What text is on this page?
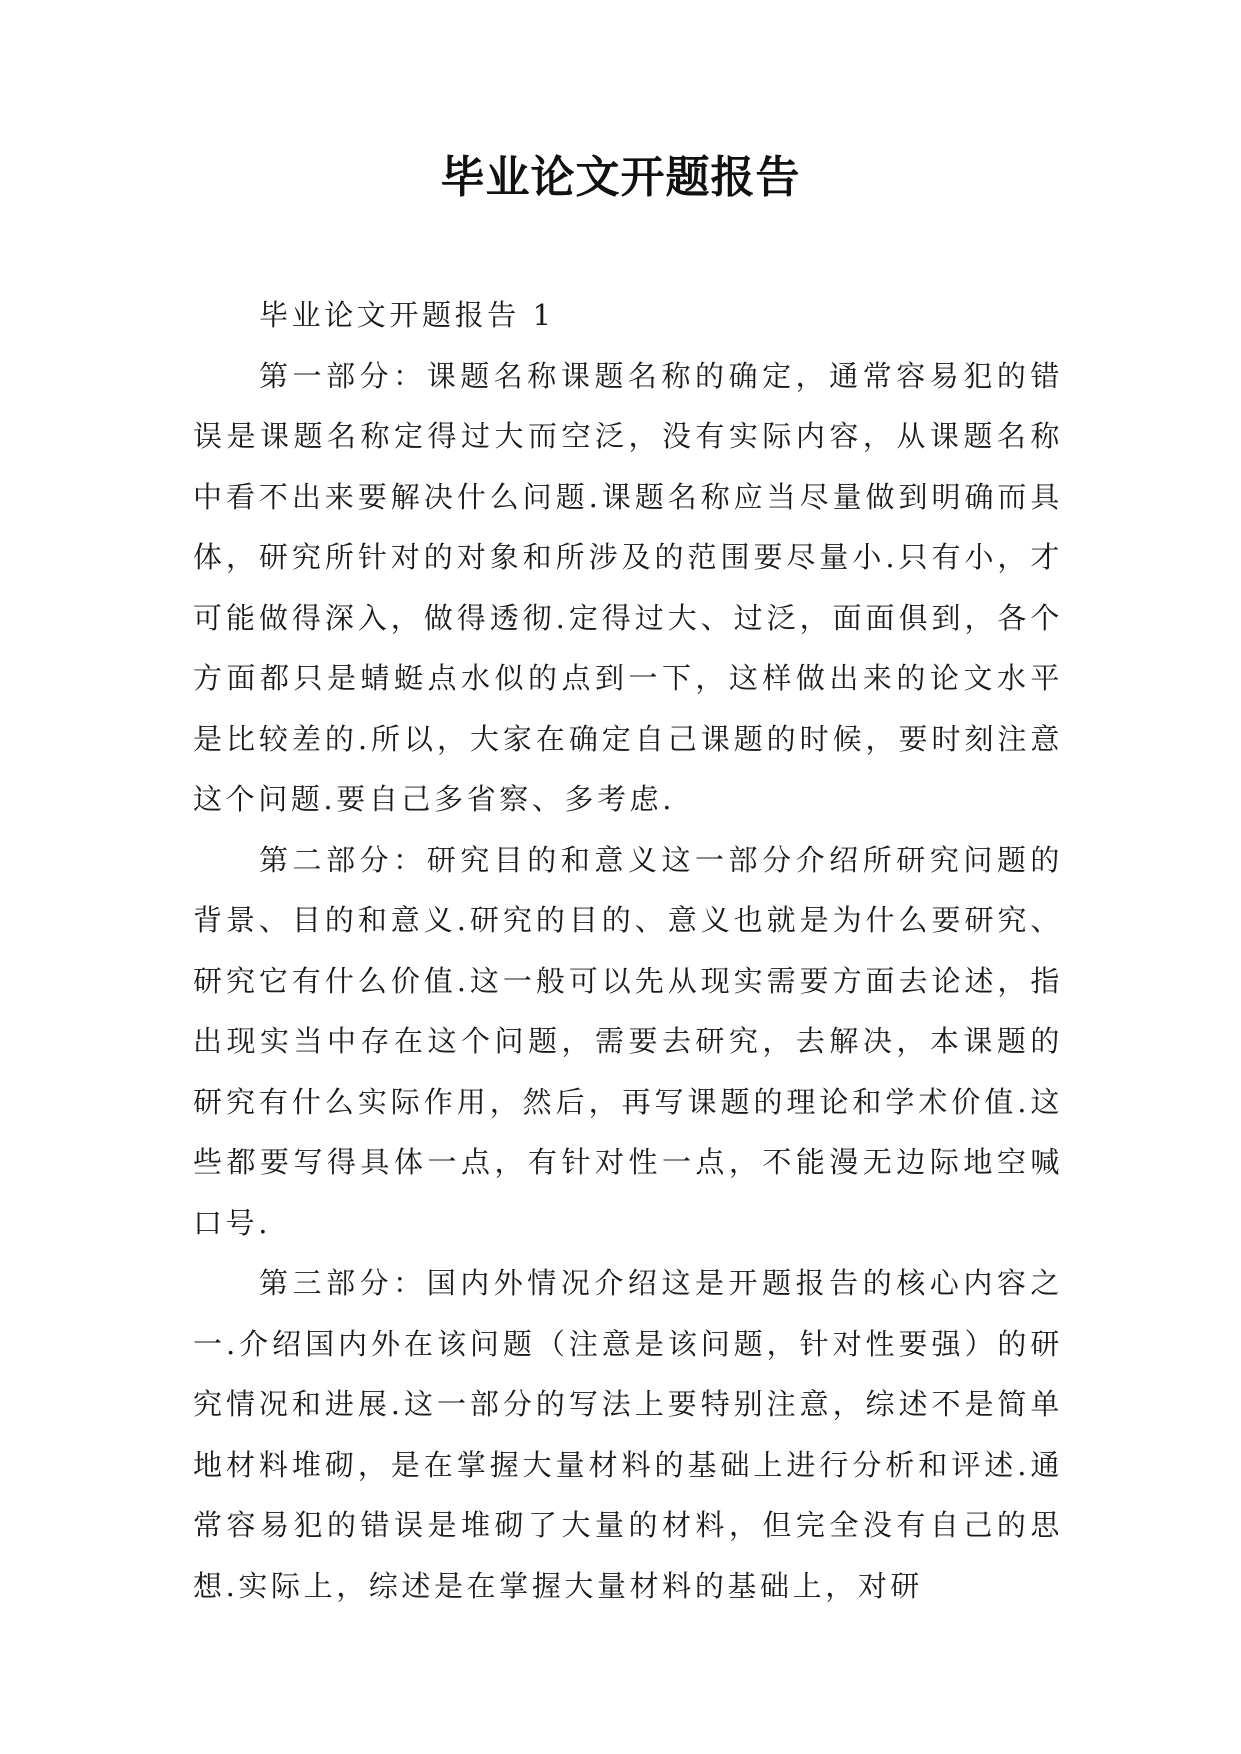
毕业论文开题报告

毕业论文开题报告 1

第一部分：课题名称课题名称的确定，通常容易犯的错误是课题名称定得过大而空泛，没有实际内容，从课题名称中看不出来要解决什么问题.课题名称应当尽量做到明确而具体，研究所针对的对象和所涉及的范围要尽量小.只有小，才可能做得深入，做得透彻.定得过大、过泛，面面俱到，各个方面都只是蜻蜓点水似的点到一下，这样做出来的论文水平是比较差的.所以，大家在确定自己课题的时候，要时刻注意这个问题.要自己多省察、多考虑.

第二部分：研究目的和意义这一部分介绍所研究问题的背景、目的和意义.研究的目的、意义也就是为什么要研究、研究它有什么价值.这一般可以先从现实需要方面去论述，指出现实当中存在这个问题，需要去研究，去解决，本课题的研究有什么实际作用，然后，再写课题的理论和学术价值.这些都要写得具体一点，有针对性一点，不能漫无边际地空喊口号.

第三部分：国内外情况介绍这是开题报告的核心内容之一.介绍国内外在该问题（注意是该问题，针对性要强）的研究情况和进展.这一部分的写法上要特别注意，综述不是简单地材料堆砌，是在掌握大量材料的基础上进行分析和评述.通常容易犯的错误是堆砌了大量的材料，但完全没有自己的思想.实际上，综述是在掌握大量材料的基础上，对研
